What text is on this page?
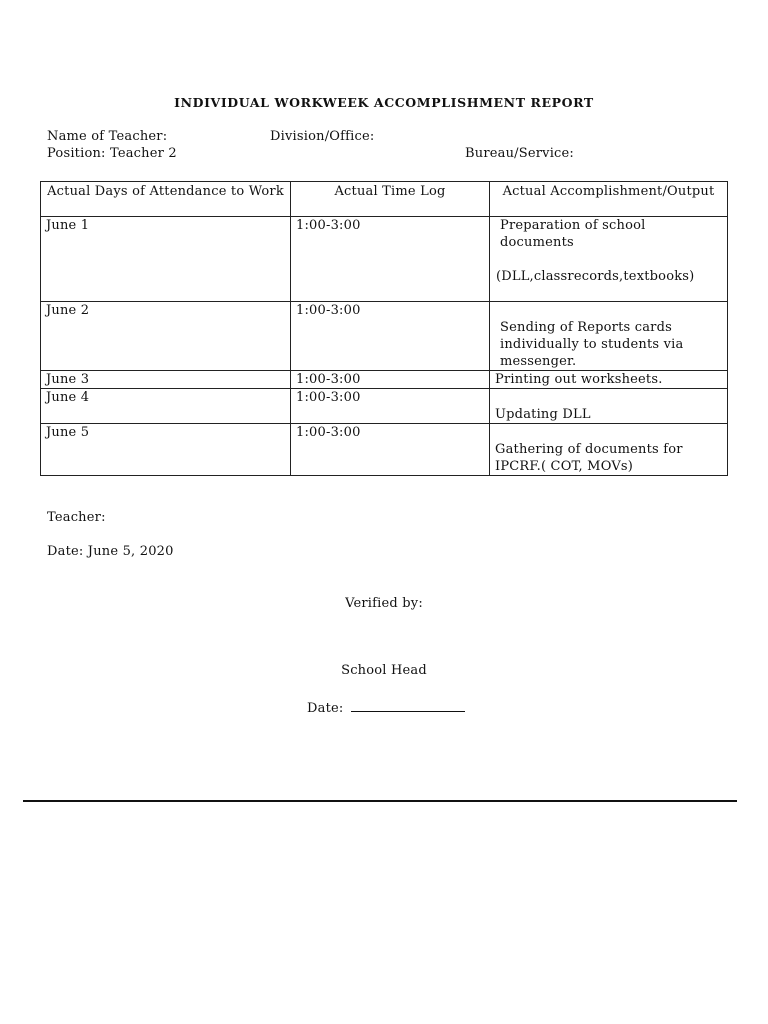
INDIVIDUAL WORKWEEK ACCOMPLISHMENT REPORT
Name of Teacher:	Division/Office:
Position: Teacher 2	Bureau/Service:
Actual Days of Attendance to Work	Actual Time Log	Actual Accomplishment/Output
June 1	1:00-3:00	Preparation of school documents
(DLL,classrecords,textbooks)

June 2	1:00-3:00	Sending of Reports cards individually to students via messenger.

June 3	1:00-3:00	Printing out worksheets.
June 4	1:00-3:00	Updating DLL

June 5	1:00-3:00	Gathering of documents for IPCRF.( COT, MOVs)
Teacher:
Date: June 5, 2020
Verified by:
School Head
Date:
